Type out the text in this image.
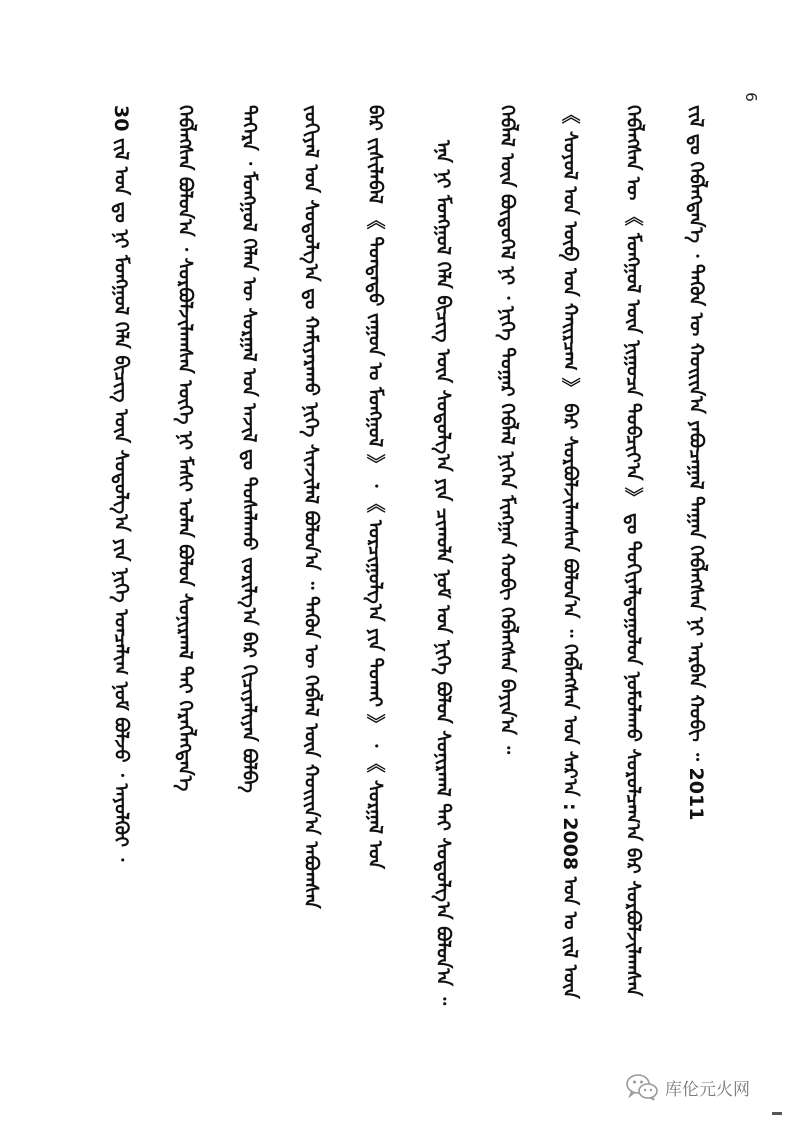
6
ᠵᠢᠯ ᠳᠤ ᠬᠡᠪᠯᠡᠭᠳᠡᠨ᠎ᠡ ᠂ ᠲᠡᠭᠦᠨ ᠦ ᠬᠣᠢᠢᠨ᠎ᠠ ᠶᠠᠪᠤᠴᠠᠭᠠᠯ ᠳᠠᠭᠠᠨ ᠬᠡᠪᠯᠡᠭᠰᠡᠨ ᠨᠢ ᠠᠷᠪᠠᠨ ᠬᠤᠪᠢ ᠃ 2011
ᠬᠡᠪᠯᠡᠭᠰᠡᠨ ᠦ 《 ᠮᠣᠩᠭᠣᠯ ᠦᠨ ᠨᠢᠭᠤᠴᠠ ᠲᠣᠪᠴᠢᠶ᠎ᠠ 》 ᠳᠤ ᠲᠣᠬᠢᠶᠠᠯᠳᠤᠭᠤᠯᠤᠨ ᠨᠣᠮᠣᠯᠠᠬᠤ ᠰᠤᠷᠤᠯᠴᠠᠭ᠎ᠠ ᠪᠠᠷ ᠰᠤᠷᠪᠤᠯᠵᠢᠯᠠᠭᠰᠠᠨ
《 ᠰᠣᠶᠣᠯ ᠤᠨ ᠦᠪ ᠤᠨ ᠬᠠᠢᠷᠴᠠᠭ 》 ᠪᠠᠷ ᠰᠤᠷᠪᠤᠯᠵᠢᠯᠠᠭᠰᠠᠨ ᠪᠣᠯᠤᠨ᠎ᠠ ᠃ ᠬᠡᠪᠯᠡᠭᠰᠡᠨ ᠣᠨ ᠰᠠᠷ᠎ᠠ : 2008 ᠣᠨ ᠤ ᠵᠢᠯ ᠦᠨ
ᠬᠡᠪᠯᠡᠯ ᠦᠨ ᠪᠦᠲᠦᠭᠡᠯ ᠨᠢ ᠂ ᠨᠢᠭᠡ ᠳᠤᠭᠠᠷ ᠬᠡᠪᠯᠡᠯ ᠨᠢᠭᠡᠨ ᠮᠢᠩᠭᠠᠨ ᠬᠤᠪᠢ ᠬᠡᠪᠯᠡᠭᠰᠡᠨ ᠪᠠᠶᠢᠨ᠎ᠠ ᠃
ᠡᠨᠡ ᠨᠢ ᠮᠣᠩᠭᠣᠯ ᠬᠡᠯᠡ ᠪᠢᠴᠢᠭ ᠦᠨ ᠰᠤᠳᠤᠯᠭ᠎ᠠ ᠶᠢᠨ ᠴᠢᠬᠤᠯᠠ ᠨᠣᠮ ᠤᠨ ᠨᠢᠭᠡ ᠪᠣᠯᠤᠨ ᠰᠣᠨᠢᠷᠬᠠᠯ ᠲᠠᠢ ᠰᠤᠳᠤᠯᠭ᠎ᠠ ᠪᠣᠯᠤᠨ᠎ᠠ ᠃
ᠪᠡᠷ ᠵᠢᠱᠢᠯᠡᠪᠡᠯ 《 ᠳᠤᠨᠳᠠᠳᠤ ᠵᠠᠭᠤᠨ ᠤ ᠮᠣᠩᠭᠣᠯ 》 ᠂ 《 ᠣᠷᠴᠢᠭᠤᠯᠭ᠎ᠠ ᠶᠢᠨ ᠲᠤᠬᠠᠢ 》 ᠂ 《 ᠰᠤᠷᠭᠠᠯ ᠤᠨ
ᠵᠣᠬᠢᠶᠠᠯ ᠤᠨ ᠰᠤᠳᠤᠯᠭ᠎ᠠ ᠳᠤ ᠬᠠᠮᠢᠶᠠᠷᠠᠬᠤ ᠨᠢᠭᠡ ᠰᠢᠨᠵᠢᠯᠡᠯ ᠪᠣᠯᠤᠨ᠎ᠠ ᠃ ᠲᠡᠭᠦᠨ ᠦ ᠬᠡᠪᠯᠡᠯ ᠦᠨ ᠬᠣᠢᠢᠨ᠎ᠠ ᠠᠪᠤᠭᠰᠠᠨ
ᠳᠡᠭᠡᠷᠡ ᠂ ᠮᠣᠩᠭᠣᠯ ᠬᠡᠯᠡᠨ ᠦ ᠰᠤᠷᠭᠠᠯ ᠤᠨ ᠠᠵᠢᠯ ᠳᠤ ᠲᠤᠰᠠᠯᠠᠬᠤ ᠵᠣᠷᠢᠯᠭ᠎ᠠ ᠪᠠᠷ ᠬᠢᠴᠢᠶᠡᠯᠢᠶᠡᠨ ᠪᠣᠯᠪᠠ
ᠬᠡᠪᠯᠡᠭᠰᠡᠨ ᠪᠣᠯᠤᠨ᠎ᠠ ᠂ ᠰᠤᠷᠪᠤᠯᠵᠢᠯᠠᠭᠰᠠᠨ ᠦᠭᠡ ᠨᠢ ᠮᠠᠰᠢ ᠣᠯᠠᠨ ᠪᠣᠯᠤᠨ ᠰᠣᠨᠢᠷᠬᠠᠯ ᠲᠠᠢ ᠬᠡᠷᠡᠭᠯᠡᠭᠳᠡᠨ᠎ᠡ
30 ᠵᠢᠯ ᠤᠨ ᠳᠤ ᠨᠢ ᠮᠣᠩᠭᠣᠯ ᠬᠡᠯᠡ ᠪᠢᠴᠢᠭ ᠦᠨ ᠰᠤᠳᠤᠯᠭ᠎ᠠ ᠶᠢᠨ ᠨᠢᠭᠡ ᠣᠨᠴᠠᠯᠢᠭ ᠨᠣᠮ ᠪᠣᠯᠵᠤ ᠂ ᠠᠶᠤᠯᠭᠦᠢ ᠂
库伦元火网
